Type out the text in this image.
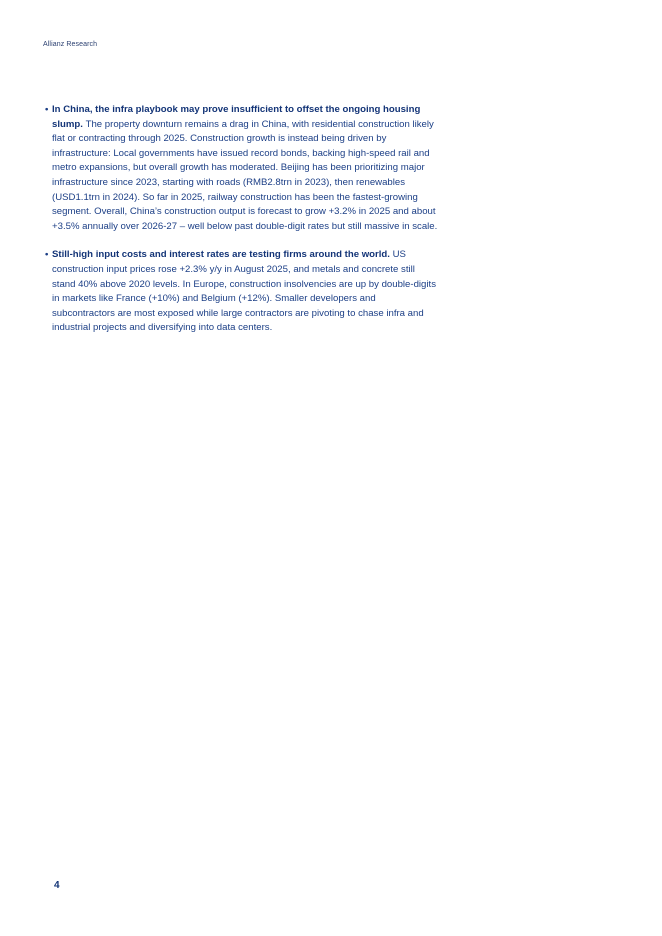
Allianz Research

• In China, the infra playbook may prove insufficient to offset the ongoing housing slump. The property downturn remains a drag in China, with residential construction likely flat or contracting through 2025. Construction growth is instead being driven by infrastructure: Local governments have issued record bonds, backing high-speed rail and metro expansions, but overall growth has moderated. Beijing has been prioritizing major infrastructure since 2023, starting with roads (RMB2.8trn in 2023), then renewables (USD1.1trn in 2024). So far in 2025, railway construction has been the fastest-growing segment. Overall, China’s construction output is forecast to grow +3.2% in 2025 and about +3.5% annually over 2026-27 – well below past double-digit rates but still massive in scale.

• Still-high input costs and interest rates are testing firms around the world. US construction input prices rose +2.3% y/y in August 2025, and metals and concrete still stand 40% above 2020 levels. In Europe, construction insolvencies are up by double-digits in markets like France (+10%) and Belgium (+12%). Smaller developers and subcontractors are most exposed while large contractors are pivoting to chase infra and industrial projects and diversifying into data centers.

4
